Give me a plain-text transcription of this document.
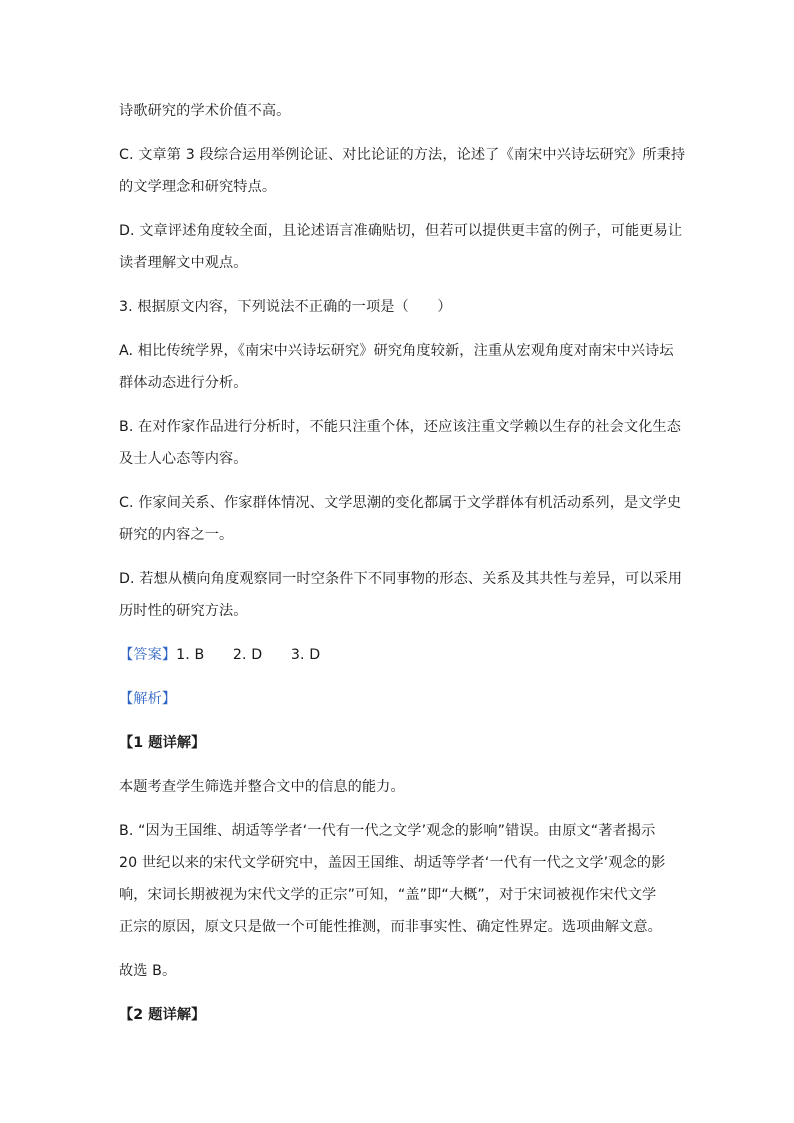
诗歌研究的学术价值不高。
C. 文章第 3 段综合运用举例论证、对比论证的方法，论述了《南宋中兴诗坛研究》所秉持
的文学理念和研究特点。
D. 文章评述角度较全面，且论述语言准确贴切，但若可以提供更丰富的例子，可能更易让
读者理解文中观点。
3. 根据原文内容，下列说法不正确的一项是（　　）
A. 相比传统学界，《南宋中兴诗坛研究》研究角度较新，注重从宏观角度对南宋中兴诗坛
群体动态进行分析。
B. 在对作家作品进行分析时，不能只注重个体，还应该注重文学赖以生存的社会文化生态
及士人心态等内容。
C. 作家间关系、作家群体情况、文学思潮的变化都属于文学群体有机活动系列，是文学史
研究的内容之一。
D. 若想从横向角度观察同一时空条件下不同事物的形态、关系及其共性与差异，可以采用
历时性的研究方法。
【答案】1. B　　2. D　　3. D
【解析】
【1 题详解】
本题考查学生筛选并整合文中的信息的能力。
B. “因为王国维、胡适等学者‘一代有一代之文学’观念的影响”错误。由原文“著者揭示
20 世纪以来的宋代文学研究中，盖因王国维、胡适等学者‘一代有一代之文学’观念的影
响，宋词长期被视为宋代文学的正宗”可知，“盖”即“大概”，对于宋词被视作宋代文学
正宗的原因，原文只是做一个可能性推测，而非事实性、确定性界定。选项曲解文意。
故选 B。
【2 题详解】
